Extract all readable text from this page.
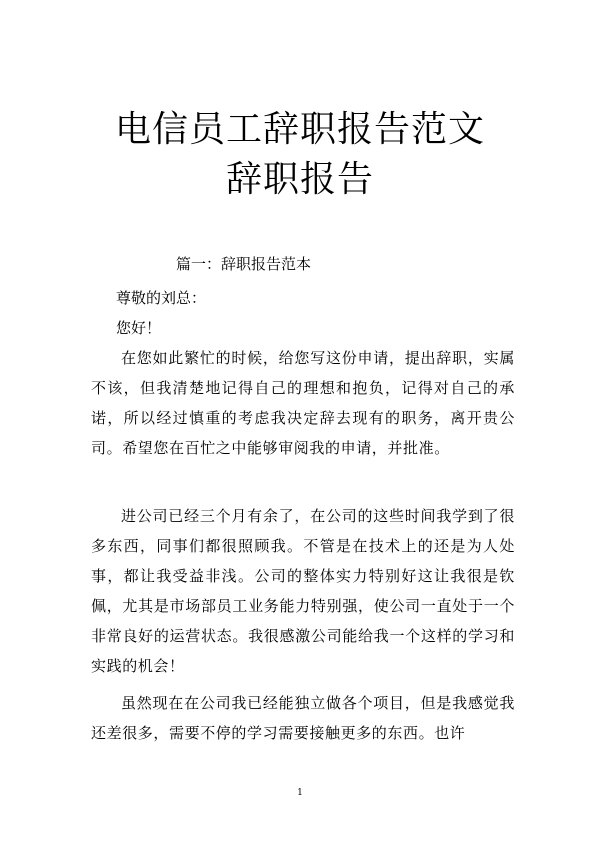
电信员工辞职报告范文
辞职报告
篇一：辞职报告范本

尊敬的刘总：

您好！

在您如此繁忙的时候，给您写这份申请，提出辞职，实属不该，但我清楚地记得自己的理想和抱负，记得对自己的承诺，所以经过慎重的考虑我决定辞去现有的职务，离开贵公司。希望您在百忙之中能够审阅我的申请，并批准。

进公司已经三个月有余了，在公司的这些时间我学到了很多东西，同事们都很照顾我。不管是在技术上的还是为人处事，都让我受益非浅。公司的整体实力特别好这让我很是钦佩，尤其是市场部员工业务能力特别强，使公司一直处于一个非常良好的运营状态。我很感激公司能给我一个这样的学习和实践的机会！

虽然现在在公司我已经能独立做各个项目，但是我感觉我还差很多，需要不停的学习需要接触更多的东西。也许

1
